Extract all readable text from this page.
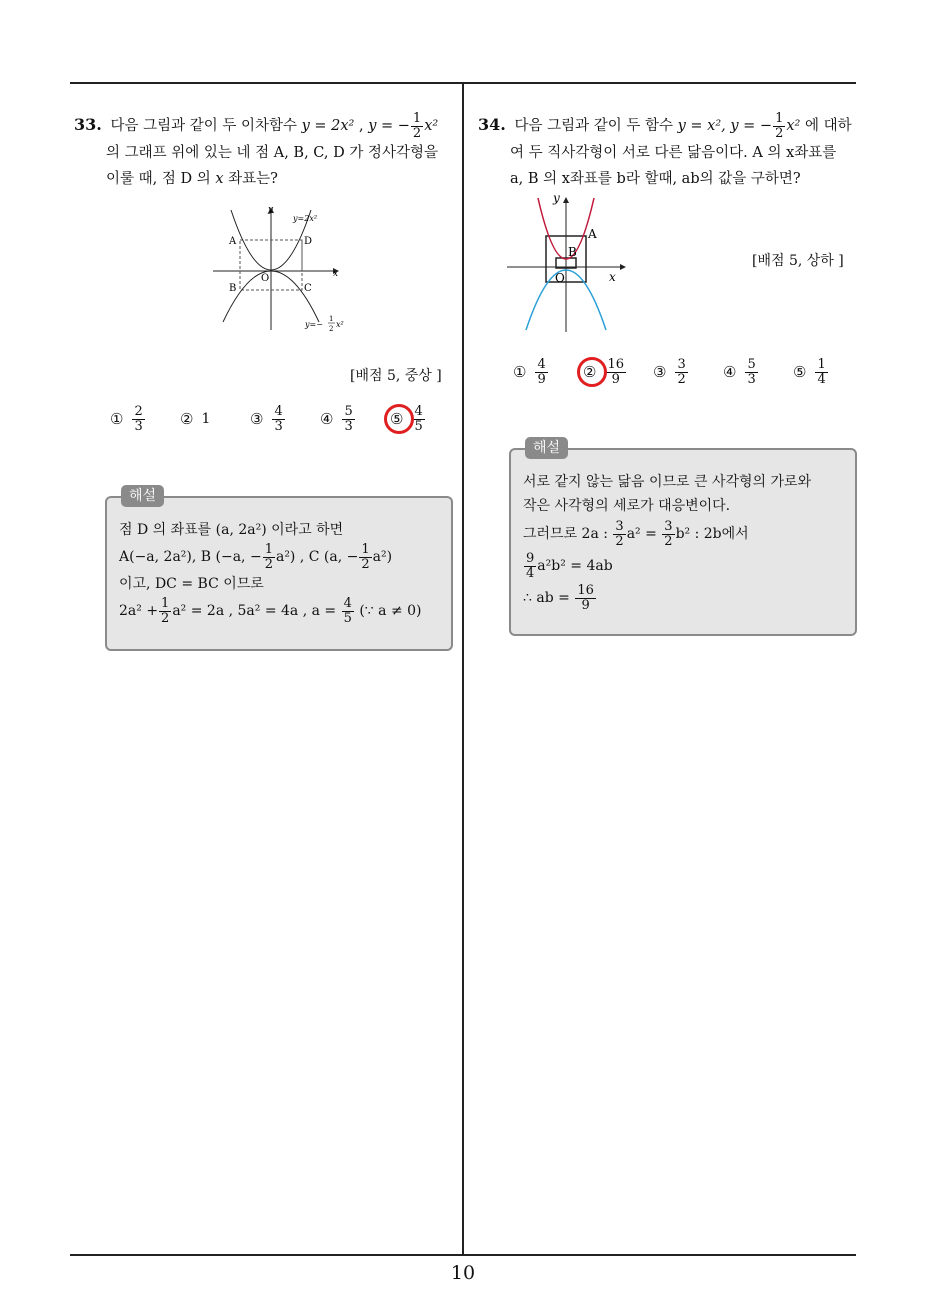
33. 다음 그림과 같이 두 이차함수 y = 2x² , y = − $\frac{1}{2} x^2$
의 그래프 위에 있는 네 점 A, B, C, D 가 정사각형을
이룰 때, 점 D 의 x 좌표는?
y
x
A	D
O
B	C
y=2x²
y=−
1
2 x²
[배점 5, 중상 ]
① $\frac{2}{3}$ ② 1	③ $\frac{4}{3}$ ④ $\frac{5}{3}$ ⑤ $\frac{4}{5}$
해설
점 D 의 좌표를 (a, 2a²) 이라고 하면
A(−a, 2a²), B (−a, − $\frac{1}{2} a^2$) , C (a, − $\frac{1}{2} a^2$)
이고, DC = BC 이므로
$2a^2 + \frac{1}{2} a^2 = 2a$ , 5a² = 4a , $a = \frac{4}{5}$ (∵ a ≠ 0)
34. 다음 그림과 같이 두 함수 y = x², y = − $\frac{1}{2} x^2$ 에 대하
여 두 직사각형이 서로 다른 닮음이다. A 의 x좌표를
a, B 의 x좌표를 b라 할때, ab의 값을 구하면?
y
x
A
B
O
[배점 5, 상하 ]
① $\frac{4}{9}$ ② $\frac{16}{9}$ ③ $\frac{3}{2}$ ④ $\frac{5}{3}$ ⑤ $\frac{1}{4}$
해설
서로 같지 않는 닮음 이므로 큰 사각형의 가로와
작은 사각형의 세로가 대응변이다.
그러므로 2a : $\frac{3}{2} a^2 = \frac{3}{2} b^2$ : 2b에서
$\frac{9}{4} a^2b^2 = 4ab$
∴ ab = $\frac{16}{9}$
10
